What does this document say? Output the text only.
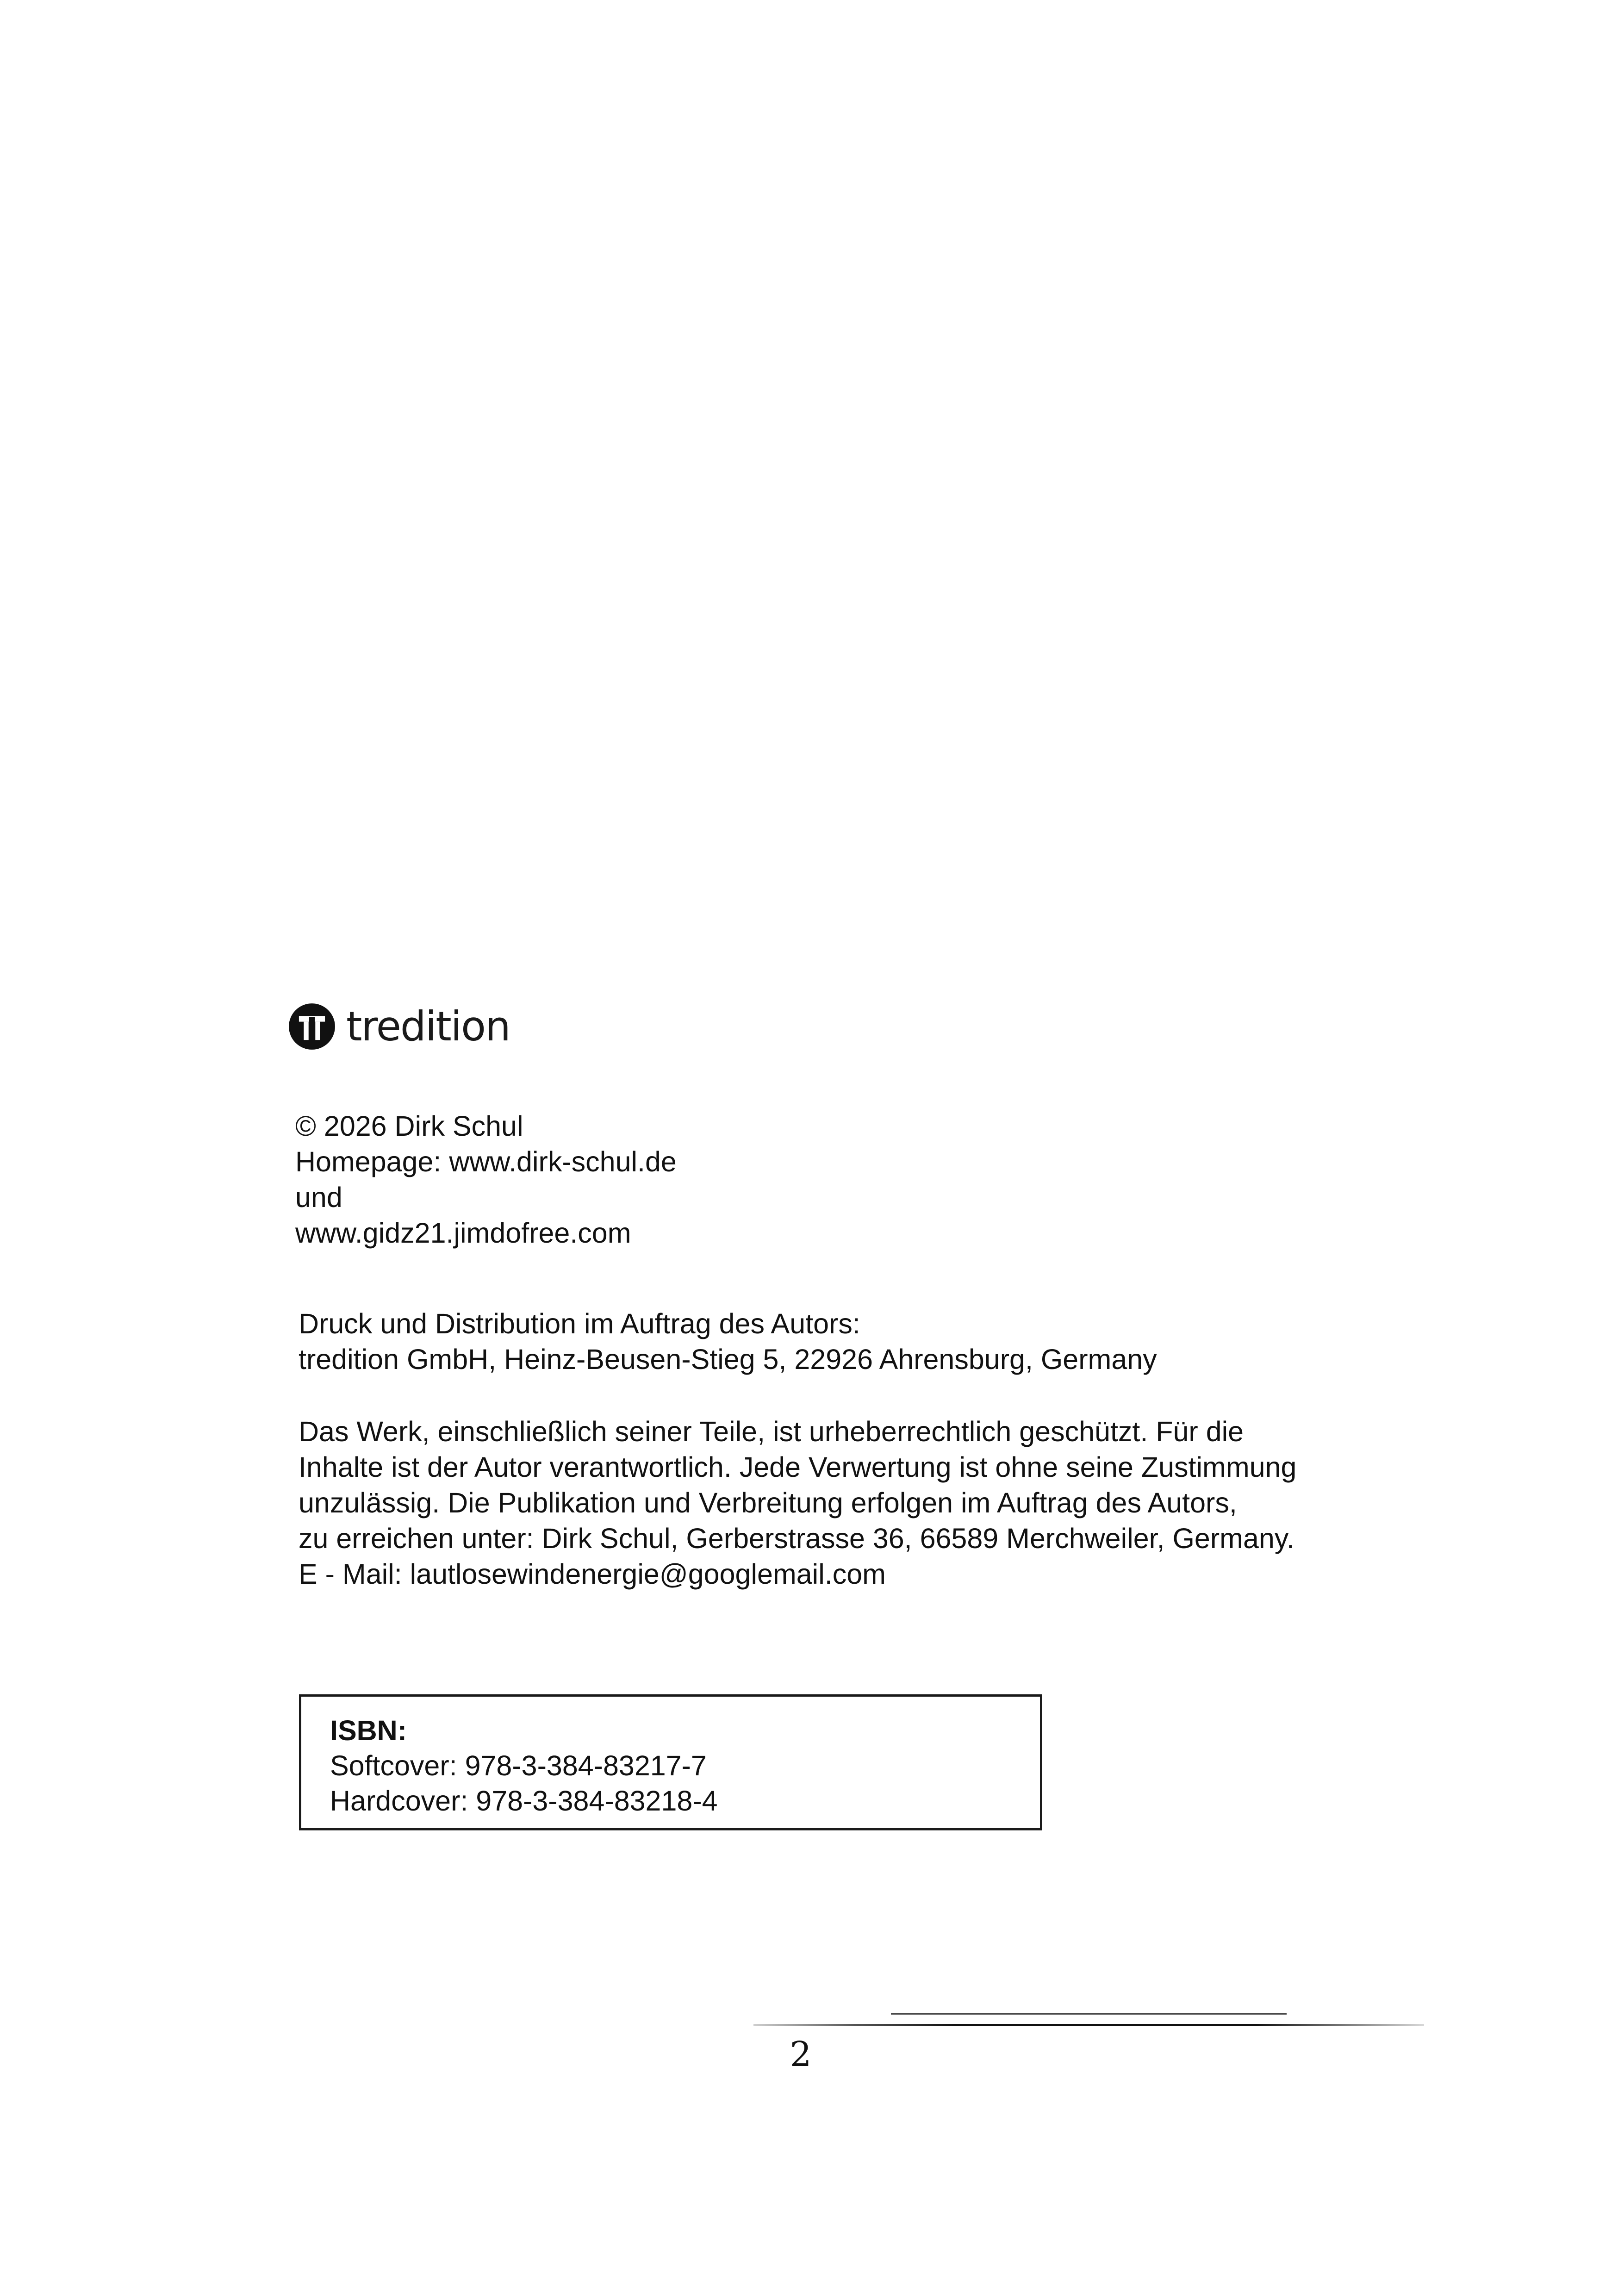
tredition
© 2026 Dirk Schul
Homepage: www.dirk-schul.de
und
www.gidz21.jimdofree.com
Druck und Distribution im Auftrag des Autors:
tredition GmbH, Heinz-Beusen-Stieg 5, 22926 Ahrensburg, Germany
Das Werk, einschließlich seiner Teile, ist urheberrechtlich geschützt. Für die
Inhalte ist der Autor verantwortlich. Jede Verwertung ist ohne seine Zustimmung
unzulässig. Die Publikation und Verbreitung erfolgen im Auftrag des Autors,
zu erreichen unter: Dirk Schul, Gerberstrasse 36, 66589 Merchweiler, Germany.
E - Mail: lautlosewindenergie@googlemail.com
ISBN:
Softcover: 978-3-384-83217-7
Hardcover: 978-3-384-83218-4
2
